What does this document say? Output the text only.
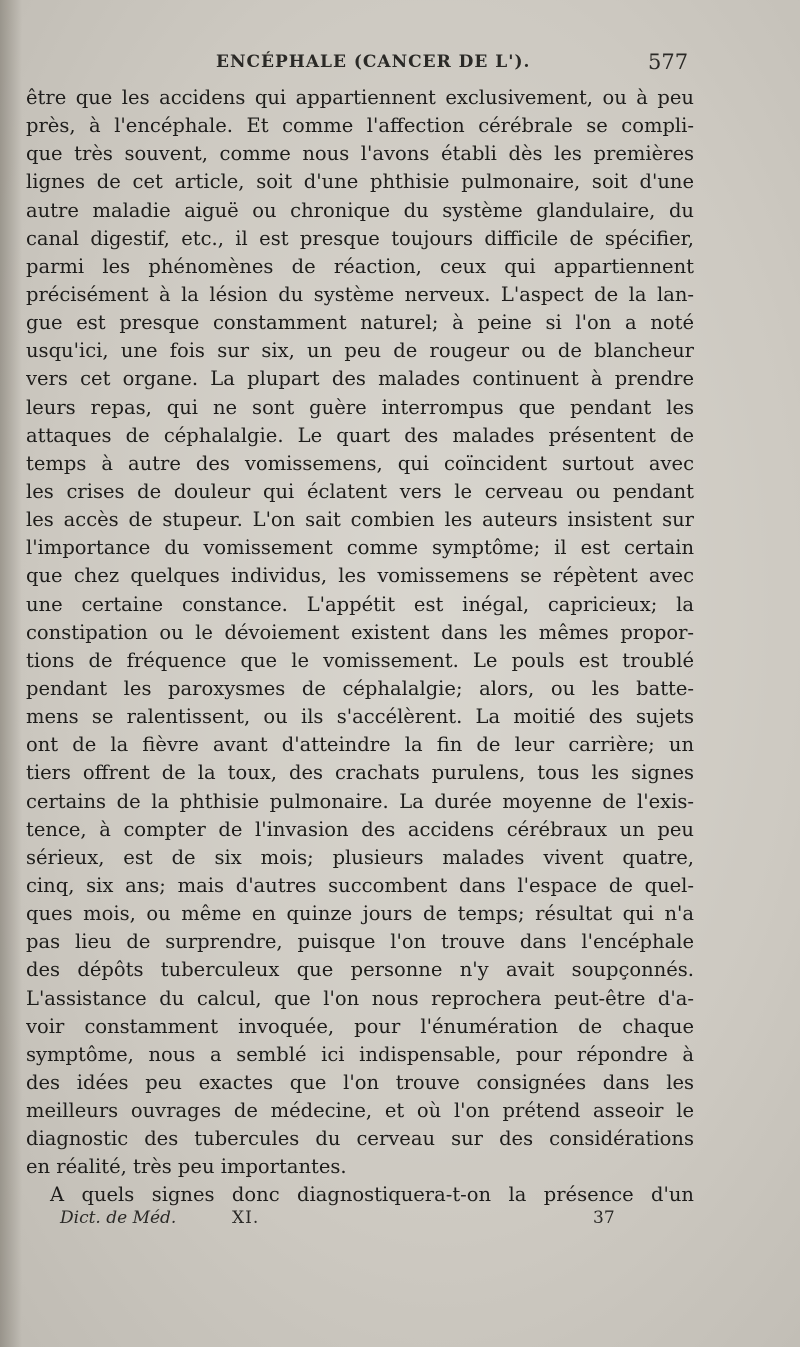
ENCÉPHALE (CANCER DE L').	577
être que les accidens qui appartiennent exclusivement, ou à peu
près, à l'encéphale. Et comme l'affection cérébrale se compli-
que très souvent, comme nous l'avons établi dès les premières
lignes de cet article, soit d'une phthisie pulmonaire, soit d'une
autre maladie aiguë ou chronique du système glandulaire, du
canal digestif, etc., il est presque toujours difficile de spécifier,
parmi les phénomènes de réaction, ceux qui appartiennent
précisément à la lésion du système nerveux. L'aspect de la lan-
gue est presque constamment naturel; à peine si l'on a noté
usqu'ici, une fois sur six, un peu de rougeur ou de blancheur
vers cet organe. La plupart des malades continuent à prendre
leurs repas, qui ne sont guère interrompus que pendant les
attaques de céphalalgie. Le quart des malades présentent de
temps à autre des vomissemens, qui coïncident surtout avec
les crises de douleur qui éclatent vers le cerveau ou pendant
les accès de stupeur. L'on sait combien les auteurs insistent sur
l'importance du vomissement comme symptôme; il est certain
que chez quelques individus, les vomissemens se répètent avec
une certaine constance. L'appétit est inégal, capricieux; la
constipation ou le dévoiement existent dans les mêmes propor-
tions de fréquence que le vomissement. Le pouls est troublé
pendant les paroxysmes de céphalalgie; alors, ou les batte-
mens se ralentissent, ou ils s'accélèrent. La moitié des sujets
ont de la fièvre avant d'atteindre la fin de leur carrière; un
tiers offrent de la toux, des crachats purulens, tous les signes
certains de la phthisie pulmonaire. La durée moyenne de l'exis-
tence, à compter de l'invasion des accidens cérébraux un peu
sérieux, est de six mois; plusieurs malades vivent quatre,
cinq, six ans; mais d'autres succombent dans l'espace de quel-
ques mois, ou même en quinze jours de temps; résultat qui n'a
pas lieu de surprendre, puisque l'on trouve dans l'encéphale
des dépôts tuberculeux que personne n'y avait soupçonnés.
L'assistance du calcul, que l'on nous reprochera peut-être d'a-
voir constamment invoquée, pour l'énumération de chaque
symptôme, nous a semblé ici indispensable, pour répondre à
des idées peu exactes que l'on trouve consignées dans les
meilleurs ouvrages de médecine, et où l'on prétend asseoir le
diagnostic des tubercules du cerveau sur des considérations
en réalité, très peu importantes.
A quels signes donc diagnostiquera-t-on la présence d'un
Dict. de Méd.	XI.	37
